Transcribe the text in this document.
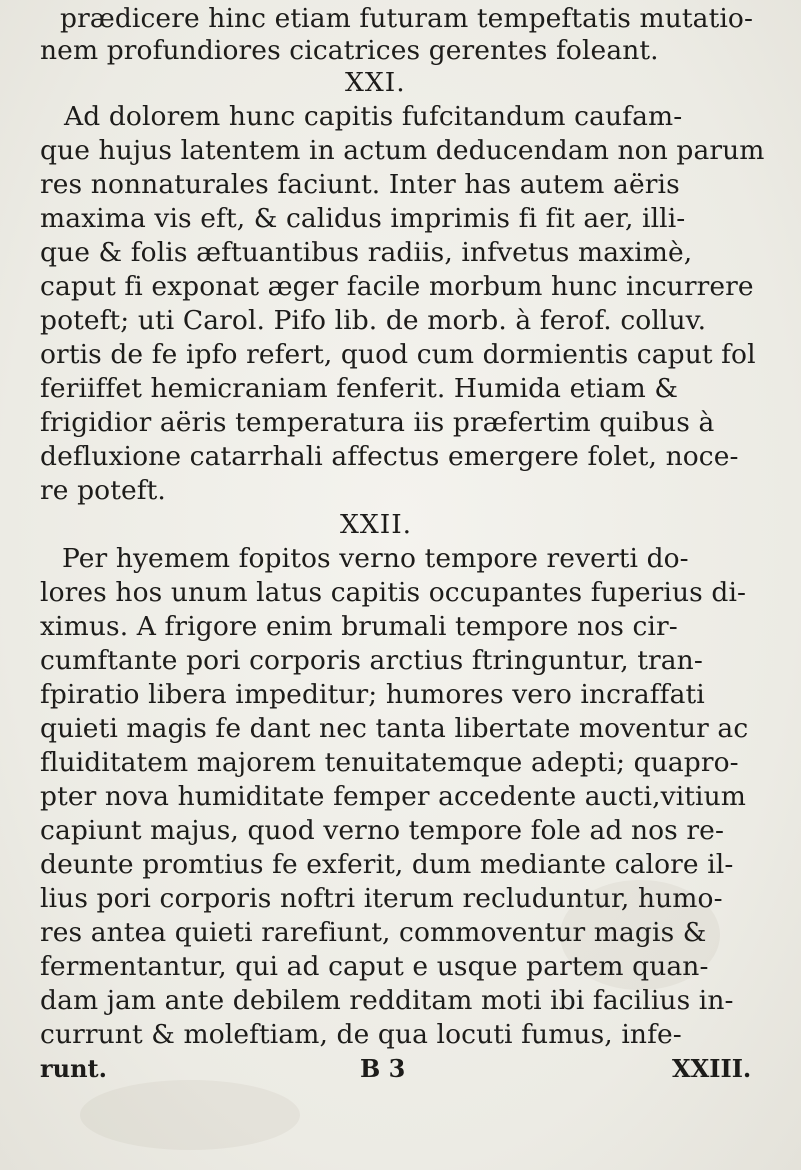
prædicere hinc etiam futuram tempeftatis mutatio-
nem profundiores cicatrices gerentes foleant.
XXI.
Ad dolorem hunc capitis fufcitandum caufam-
que hujus latentem in actum deducendam non parum
res nonnaturales faciunt. Inter has autem aëris
maxima vis eft, & calidus imprimis fi fit aer, illi-
que & folis æftuantibus radiis, infvetus maximè,
caput fi exponat æger facile morbum hunc incurrere
poteft; uti Carol. Pifo lib. de morb. à ferof. colluv.
ortis de fe ipfo refert, quod cum dormientis caput fol
feriiffet hemicraniam fenferit. Humida etiam &
frigidior aëris temperatura iis præfertim quibus à
defluxione catarrhali affectus emergere folet, noce-
re poteft.
XXII.
Per hyemem fopitos verno tempore reverti do-
lores hos unum latus capitis occupantes fuperius di-
ximus. A frigore enim brumali tempore nos cir-
cumftante pori corporis arctius ftringuntur, tran-
fpiratio libera impeditur; humores vero incraffati
quieti magis fe dant nec tanta libertate moventur ac
fluiditatem majorem tenuitatemque adepti; quapro-
pter nova humiditate femper accedente aucti,vitium
capiunt majus, quod verno tempore fole ad nos re-
deunte promtius fe exferit, dum mediante calore il-
lius pori corporis noftri iterum recluduntur, humo-
res antea quieti rarefiunt, commoventur magis &
fermentantur, qui ad caput e usque partem quan-
dam jam ante debilem redditam moti ibi facilius in-
currunt & moleftiam, de qua locuti fumus, infe-
runt.	B 3	XXIII.
